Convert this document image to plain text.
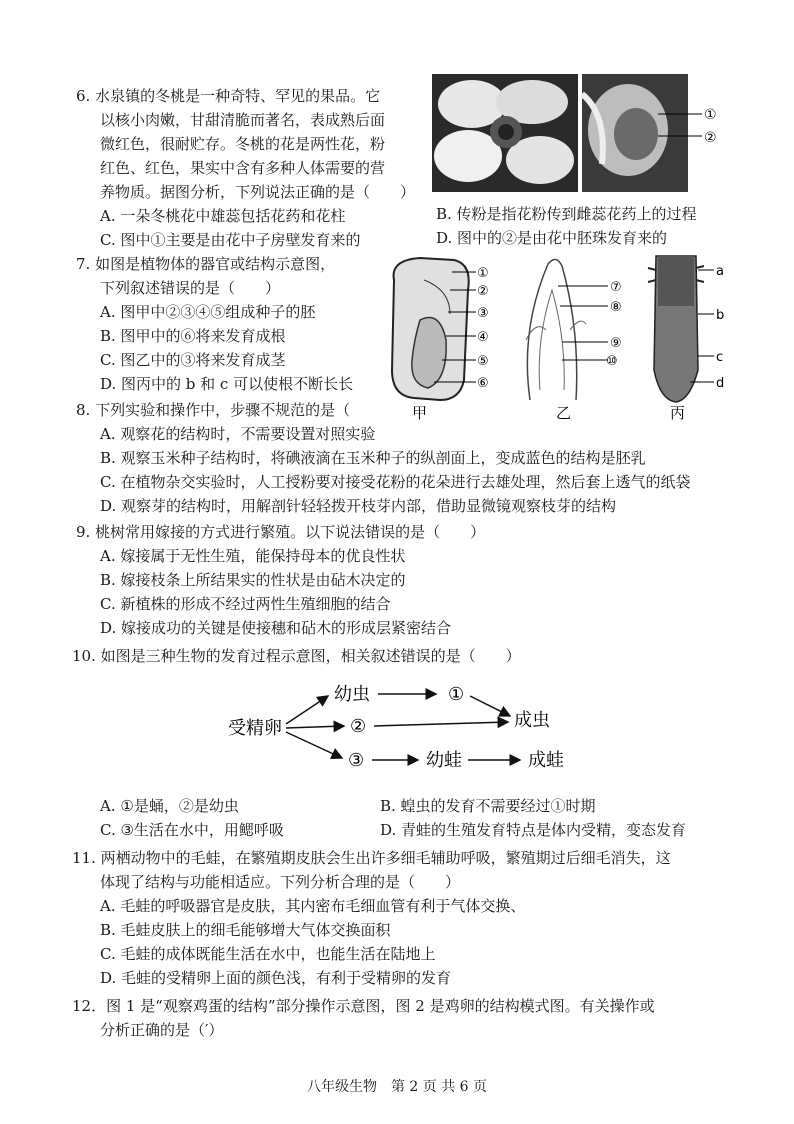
6. 水泉镇的冬桃是一种奇特、罕见的果品。它
以核小肉嫩，甘甜清脆而著名，表成熟后面
微红色，很耐贮存。冬桃的花是两性花，粉
红色、红色，果实中含有多种人体需要的营
养物质。据图分析，下列说法正确的是（　　）
A. 一朵冬桃花中雄蕊包括花药和花柱	B. 传粉是指花粉传到雌蕊花药上的过程
C. 图中①主要是由花中子房壁发育来的	D. 图中的②是由花中胚珠发育来的
①
②
7. 如图是植物体的器官或结构示意图，
下列叙述错误的是（　　）
A. 图甲中②③④⑤组成种子的胚
B. 图甲中的⑥将来发育成根
C. 图乙中的③将来发育成茎
D. 图丙中的 b 和 c 可以使根不断长长
①
②
③
④
⑤
⑥
甲
⑦
⑧
⑨
⑩
乙
a
b
c
d
丙
8. 下列实验和操作中，步骤不规范的是（
A. 观察花的结构时，不需要设置对照实验
B. 观察玉米种子结构时，将碘液滴在玉米种子的纵剖面上，变成蓝色的结构是胚乳
C. 在植物杂交实验时，人工授粉要对接受花粉的花朵进行去雄处理，然后套上透气的纸袋
D. 观察芽的结构时，用解剖针轻轻拨开枝芽内部，借助显微镜观察枝芽的结构
9. 桃树常用嫁接的方式进行繁殖。以下说法错误的是（　　）
A. 嫁接属于无性生殖，能保持母本的优良性状
B. 嫁接枝条上所结果实的性状是由砧木决定的
C. 新植株的形成不经过两性生殖细胞的结合
D. 嫁接成功的关键是使接穗和砧木的形成层紧密结合
10. 如图是三种生物的发育过程示意图，相关叙述错误的是（　　）
受精卵
幼虫	①
②
③
成虫
幼蛙	成蛙
A. ①是蛹，②是幼虫	B. 蝗虫的发育不需要经过①时期
C. ③生活在水中，用鳃呼吸	D. 青蛙的生殖发育特点是体内受精，变态发育
11. 两栖动物中的毛蛙，在繁殖期皮肤会生出许多细毛辅助呼吸，繁殖期过后细毛消失，这
体现了结构与功能相适应。下列分析合理的是（　　）
A. 毛蛙的呼吸器官是皮肤，其内密布毛细血管有利于气体交换、
B. 毛蛙皮肤上的细毛能够增大气体交换面积
C. 毛蛙的成体既能生活在水中，也能生活在陆地上
D. 毛蛙的受精卵上面的颜色浅，有利于受精卵的发育
12．图 1 是“观察鸡蛋的结构”部分操作示意图，图 2 是鸡卵的结构模式图。有关操作或
分析正确的是（′）
八年级生物　第 2 页 共 6 页
